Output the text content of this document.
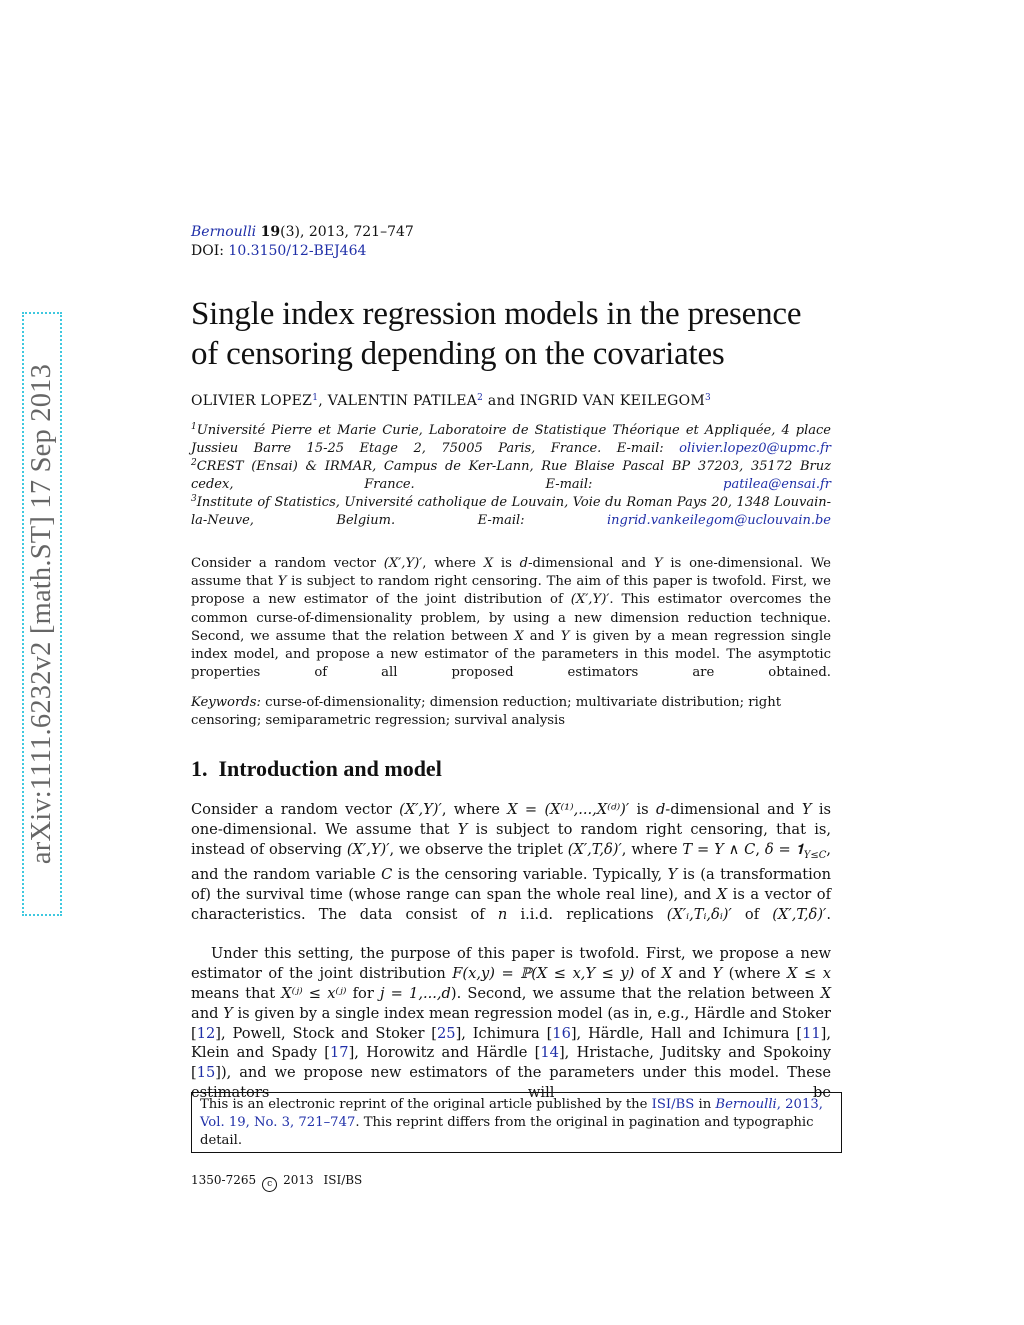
arXiv:1111.6232v2 [math.ST] 17 Sep 2013
Bernoulli 19(3), 2013, 721–747
DOI: 10.3150/12-BEJ464
Single index regression models in the presence
of censoring depending on the covariates
OLIVIER LOPEZ$^1$, VALENTIN PATILEA$^2$ and INGRID VAN KEILEGOM$^3$
$^1$Université Pierre et Marie Curie, Laboratoire de Statistique Théorique et Appliquée, 4 place Jussieu Barre 15-25 Etage 2, 75005 Paris, France. E-mail: olivier.lopez0@upmc.fr
$^2$CREST (Ensai) & IRMAR, Campus de Ker-Lann, Rue Blaise Pascal BP 37203, 35172 Bruz cedex, France. E-mail: patilea@ensai.fr
$^3$Institute of Statistics, Université catholique de Louvain, Voie du Roman Pays 20, 1348 Louvain-la-Neuve, Belgium. E-mail: ingrid.vankeilegom@uclouvain.be
Consider a random vector (X′,Y)′, where X is d-dimensional and Y is one-dimensional. We assume that Y is subject to random right censoring. The aim of this paper is twofold. First, we propose a new estimator of the joint distribution of (X′,Y)′. This estimator overcomes the common curse-of-dimensionality problem, by using a new dimension reduction technique. Second, we assume that the relation between X and Y is given by a mean regression single index model, and propose a new estimator of the parameters in this model. The asymptotic properties of all proposed estimators are obtained.
Keywords: curse-of-dimensionality; dimension reduction; multivariate distribution; right censoring; semiparametric regression; survival analysis
1. Introduction and model

Consider a random vector (X′,Y)′, where X = (X⁽¹⁾,...,X⁽ᵈ⁾)′ is d-dimensional and Y is one-dimensional. We assume that Y is subject to random right censoring, that is, instead of observing (X′,Y)′, we observe the triplet (X′,T,δ)′, where T = Y ∧ C, $\delta = 𝟏_{Y\le C}$, and the random variable C is the censoring variable. Typically, Y is (a transformation of) the survival time (whose range can span the whole real line), and X is a vector of characteristics. The data consist of n i.i.d. replications (X′ᵢ,Tᵢ,δᵢ)′ of (X′,T,δ)′.

Under this setting, the purpose of this paper is twofold. First, we propose a new estimator of the joint distribution F(x,y) = ℙ(X ≤ x,Y ≤ y) of X and Y (where X ≤ x means that X⁽ʲ⁾ ≤ x⁽ʲ⁾ for j = 1,...,d). Second, we assume that the relation between X and Y is given by a single index mean regression model (as in, e.g., Härdle and Stoker [12], Powell, Stock and Stoker [25], Ichimura [16], Härdle, Hall and Ichimura [11], Klein and Spady [17], Horowitz and Härdle [14], Hristache, Juditsky and Spokoiny [15]), and we propose new estimators of the parameters under this model. These estimators will be

This is an electronic reprint of the original article published by the ISI/BS in Bernoulli, 2013, Vol. 19, No. 3, 721–747. This reprint differs from the original in pagination and typographic detail.
1350-7265 c 2013 ISI/BS
